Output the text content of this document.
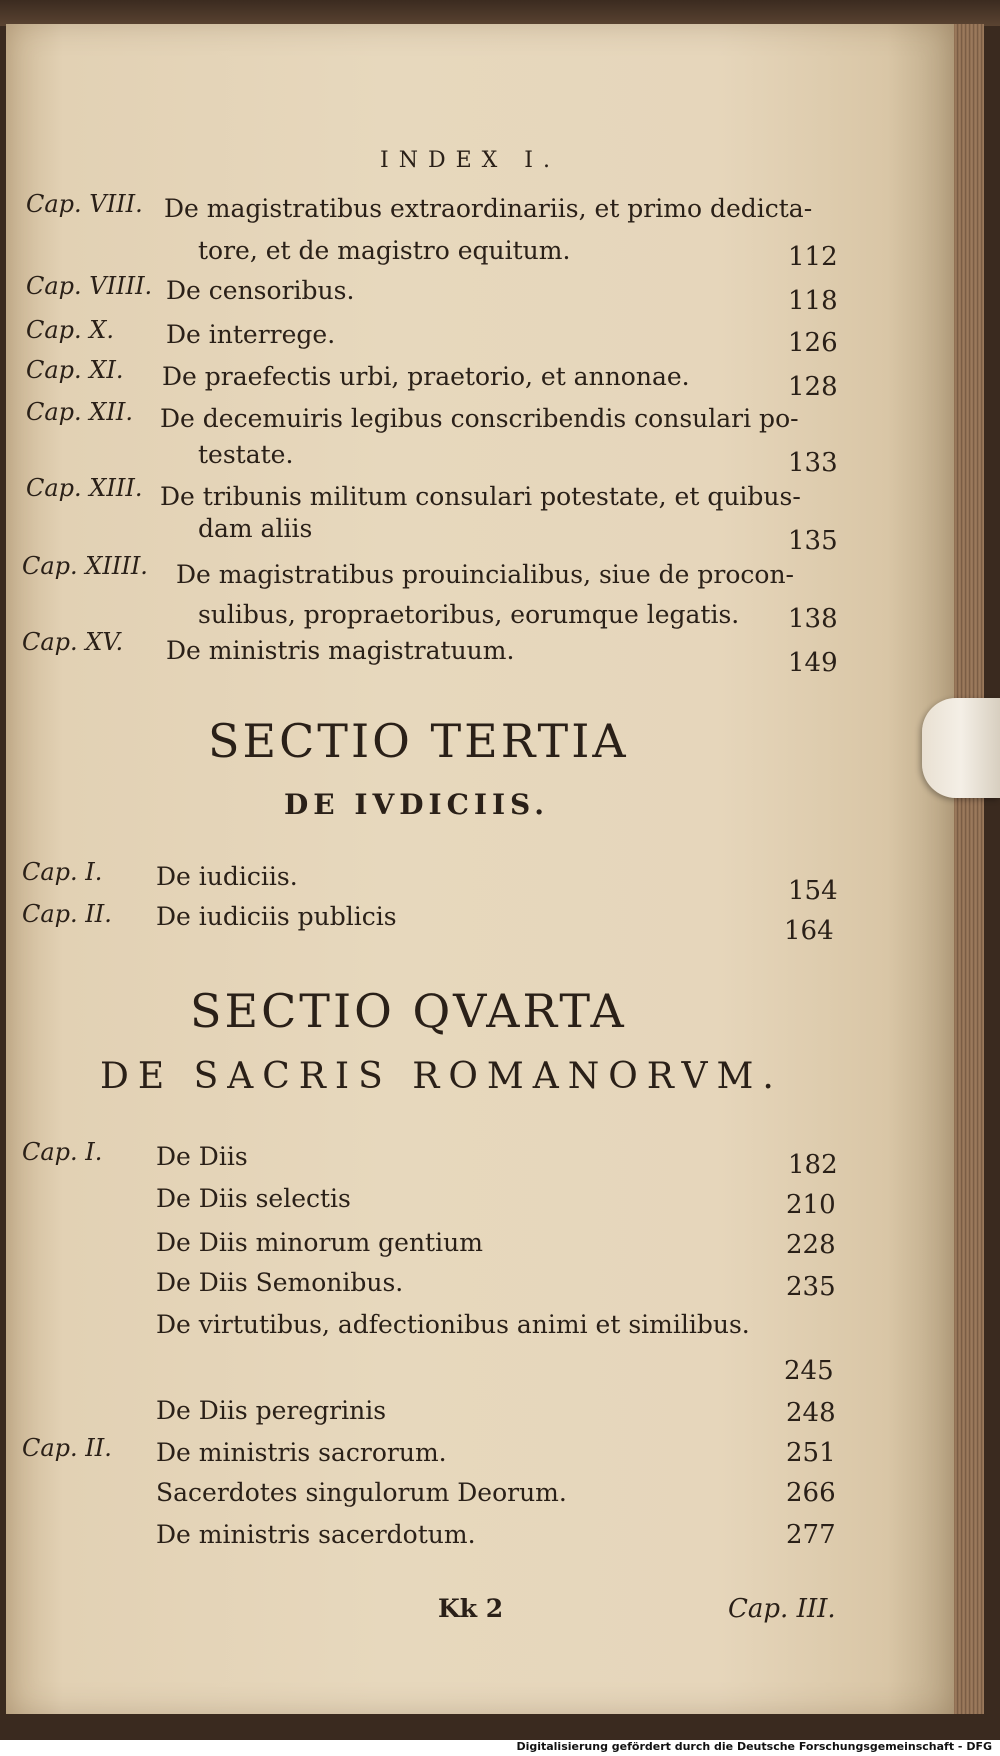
INDEX I.
Cap. VIII. De magistratibus extraordinariis, et primo dedicta-
tore, et de magistro equitum.	112
Cap. VIIII. De censoribus.	118
Cap. X. De interrege.	126
Cap. XI. De praefectis urbi, praetorio, et annonae.	128
Cap. XII. De decemuiris legibus conscribendis consulari po-
testate.	133
Cap. XIII. De tribunis militum consulari potestate, et quibus-
dam aliis	135
Cap. XIIII. De magistratibus prouincialibus, siue de procon-
sulibus, propraetoribus, eorumque legatis. 138
Cap. XV. De ministris magistratuum.	149
SECTIO TERTIA
DE IVDICIIS.
Cap. I. De iudiciis.	154
Cap. II. De iudiciis publicis	164
SECTIO QVARTA
DE SACRIS ROMANORVM.
Cap. I. De Diis	182
De Diis selectis	210
De Diis minorum gentium	228
De Diis Semonibus.	235
De virtutibus, adfectionibus animi et similibus.
245
De Diis peregrinis	248
Cap. II. De ministris sacrorum.	251
Sacerdotes singulorum Deorum.	266
De ministris sacerdotum.	277
Kk 2	Cap. III.
Digitalisierung gefördert durch die Deutsche Forschungsgemeinschaft - DFG
